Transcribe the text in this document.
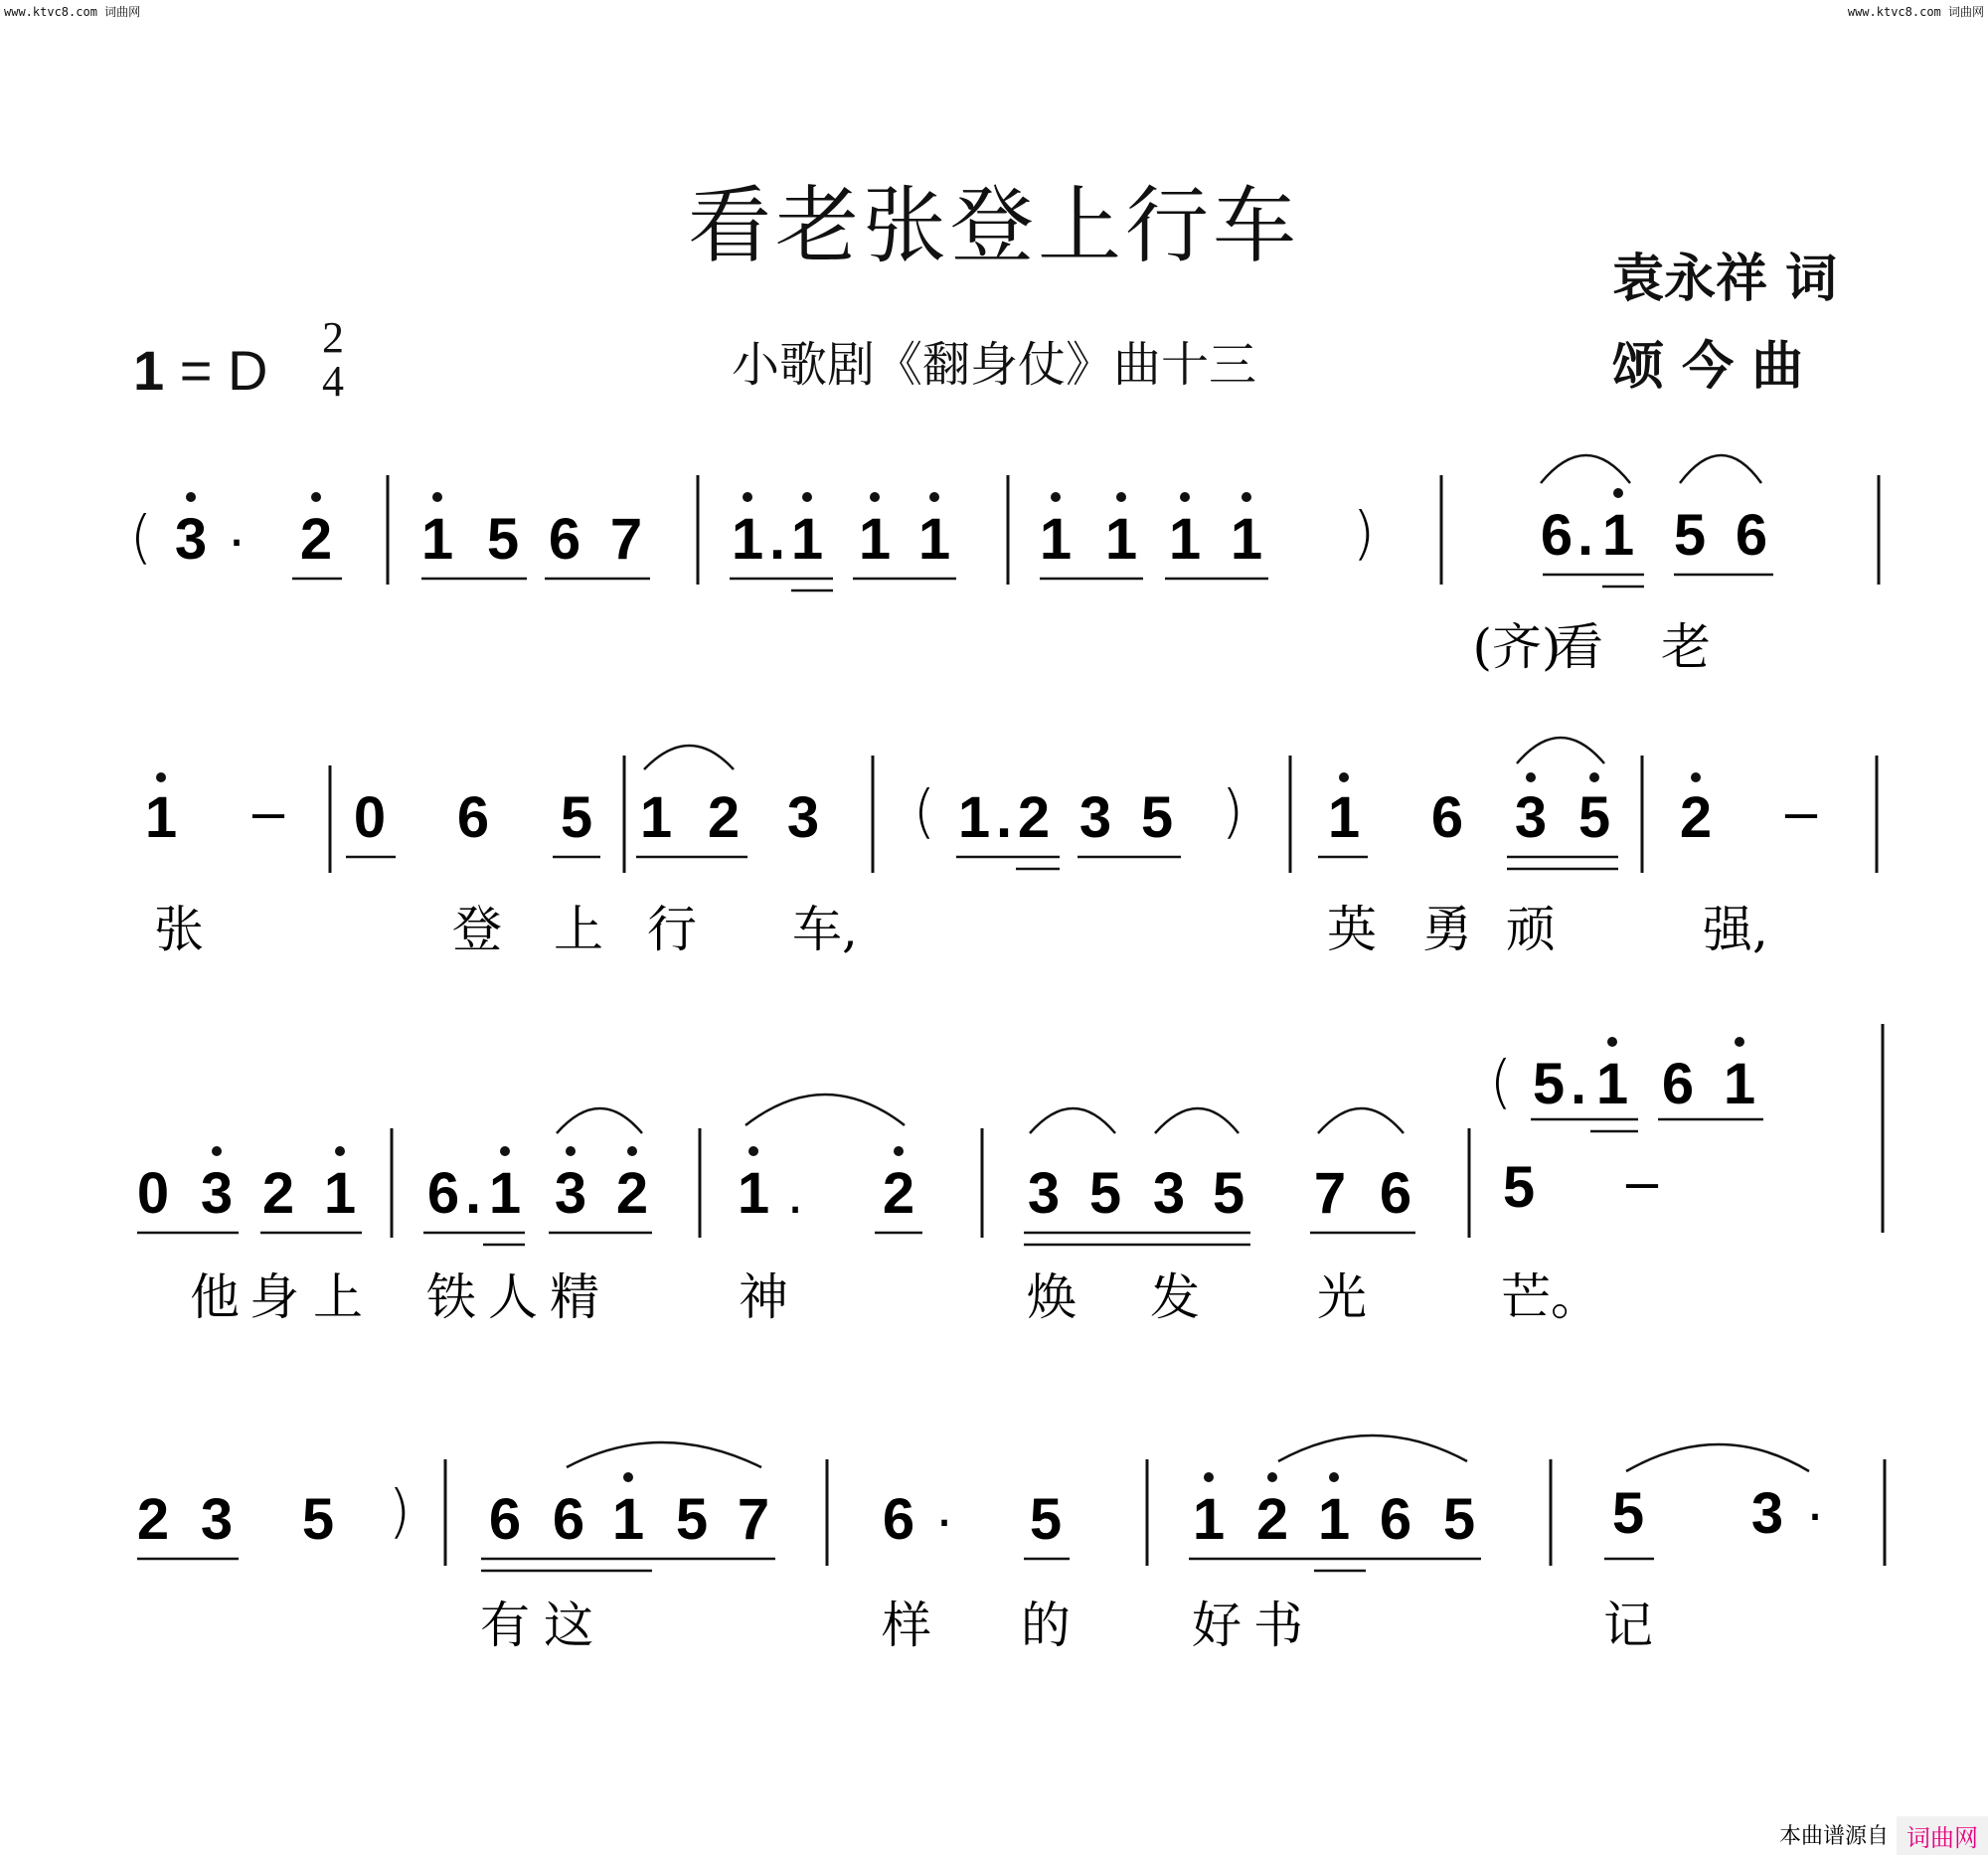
www.ktvc8.com 词曲网	www.ktvc8.com 词曲网
看老张登上行车
小歌剧《翻身仗》曲十三
袁永祥 词
颂 今 曲
1 = D
2
4
( 3 · 2 1 5 6 7 1 . 1 1 1 1 1 1 1 )	6 . 1 5 6
(齐)
看 老
1 – 0 6 5 1 2 3 ( 1 . 2 3 5 ) 1 6 3 5 2 –
张	登 上 行 车,	英 勇 顽	强,
( 5 . 1 6 1
0 3 2 1 6 . 1 3 2 1 . 2 3 5 3 5 7 6 5 –
他 身 上 铁 人 精	神	焕 发 光	芒。
2 3 5 ) 6 6 1 5 7 6 · 5 1 2 1 6 5 5 3 ·
有 这	样 的 好 书	记
本曲谱源自 词曲网
